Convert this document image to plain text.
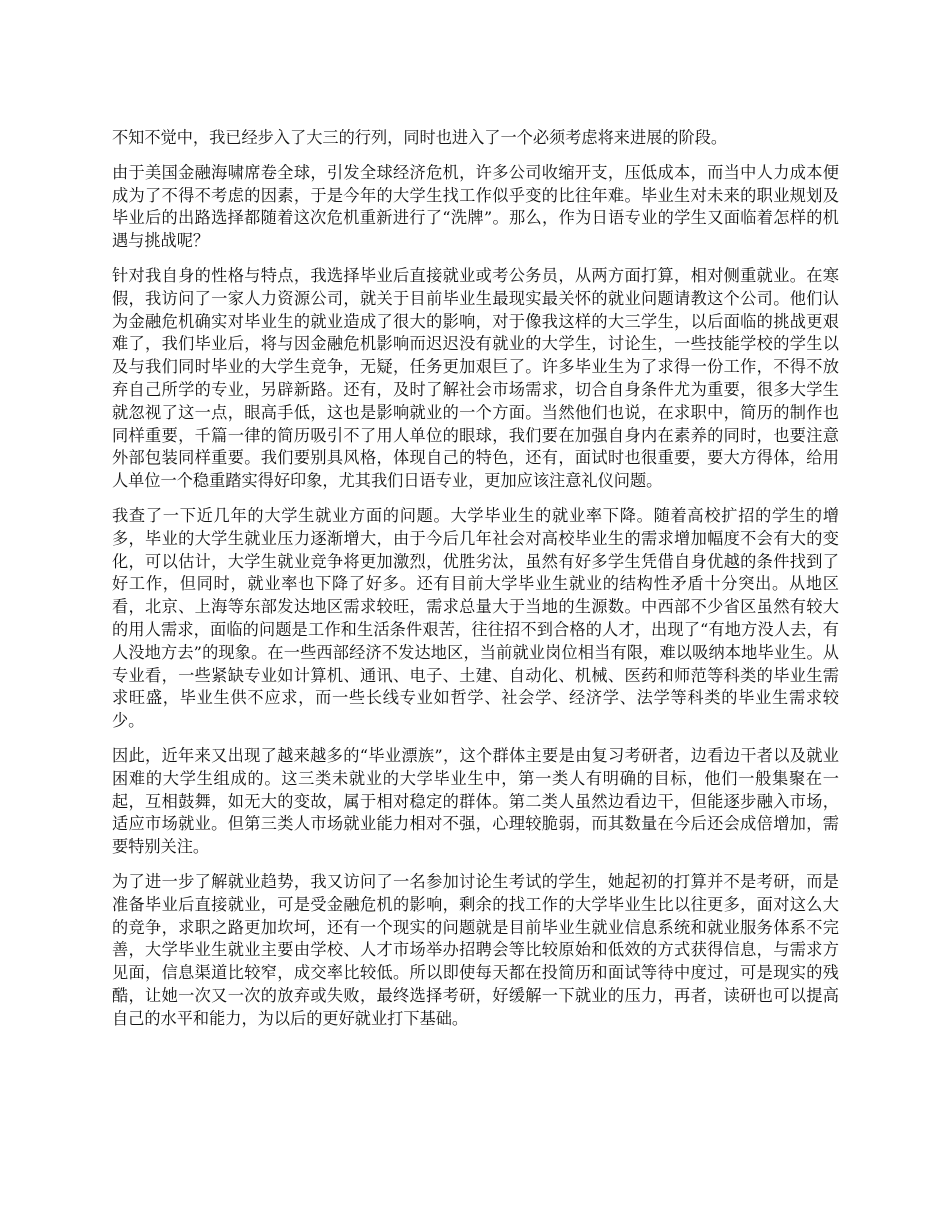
不知不觉中，我已经步入了大三的行列，同时也进入了一个必须考虑将来进展的阶段。

由于美国金融海啸席卷全球，引发全球经济危机，许多公司收缩开支，压低成本，而当中人力成本便成为了不得不考虑的因素，于是今年的大学生找工作似乎变的比往年难。毕业生对未来的职业规划及毕业后的出路选择都随着这次危机重新进行了“洗牌”。那么，作为日语专业的学生又面临着怎样的机遇与挑战呢？

针对我自身的性格与特点，我选择毕业后直接就业或考公务员，从两方面打算，相对侧重就业。在寒假，我访问了一家人力资源公司，就关于目前毕业生最现实最关怀的就业问题请教这个公司。他们认为金融危机确实对毕业生的就业造成了很大的影响，对于像我这样的大三学生，以后面临的挑战更艰难了，我们毕业后，将与因金融危机影响而迟迟没有就业的大学生，讨论生，一些技能学校的学生以及与我们同时毕业的大学生竞争，无疑，任务更加艰巨了。许多毕业生为了求得一份工作，不得不放弃自己所学的专业，另辟新路。还有，及时了解社会市场需求，切合自身条件尤为重要，很多大学生就忽视了这一点，眼高手低，这也是影响就业的一个方面。当然他们也说，在求职中，简历的制作也同样重要，千篇一律的简历吸引不了用人单位的眼球，我们要在加强自身内在素养的同时，也要注意外部包装同样重要。我们要别具风格，体现自己的特色，还有，面试时也很重要，要大方得体，给用人单位一个稳重踏实得好印象，尤其我们日语专业，更加应该注意礼仪问题。

我查了一下近几年的大学生就业方面的问题。大学毕业生的就业率下降。随着高校扩招的学生的增多，毕业的大学生就业压力逐渐增大，由于今后几年社会对高校毕业生的需求增加幅度不会有大的变化，可以估计，大学生就业竞争将更加激烈，优胜劣汰，虽然有好多学生凭借自身优越的条件找到了好工作，但同时，就业率也下降了好多。还有目前大学毕业生就业的结构性矛盾十分突出。从地区看，北京、上海等东部发达地区需求较旺，需求总量大于当地的生源数。中西部不少省区虽然有较大的用人需求，面临的问题是工作和生活条件艰苦，往往招不到合格的人才，出现了“有地方没人去，有人没地方去”的现象。在一些西部经济不发达地区，当前就业岗位相当有限，难以吸纳本地毕业生。从专业看，一些紧缺专业如计算机、通讯、电子、土建、自动化、机械、医药和师范等科类的毕业生需求旺盛，毕业生供不应求，而一些长线专业如哲学、社会学、经济学、法学等科类的毕业生需求较少。

因此，近年来又出现了越来越多的“毕业漂族”，这个群体主要是由复习考研者，边看边干者以及就业困难的大学生组成的。这三类未就业的大学毕业生中，第一类人有明确的目标，他们一般集聚在一起，互相鼓舞，如无大的变故，属于相对稳定的群体。第二类人虽然边看边干，但能逐步融入市场，适应市场就业。但第三类人市场就业能力相对不强，心理较脆弱，而其数量在今后还会成倍增加，需要特别关注。

为了进一步了解就业趋势，我又访问了一名参加讨论生考试的学生，她起初的打算并不是考研，而是准备毕业后直接就业，可是受金融危机的影响，剩余的找工作的大学毕业生比以往更多，面对这么大的竞争，求职之路更加坎坷，还有一个现实的问题就是目前毕业生就业信息系统和就业服务体系不完善，大学毕业生就业主要由学校、人才市场举办招聘会等比较原始和低效的方式获得信息，与需求方见面，信息渠道比较窄，成交率比较低。所以即使每天都在投简历和面试等待中度过，可是现实的残酷，让她一次又一次的放弃或失败，最终选择考研，好缓解一下就业的压力，再者，读研也可以提高自己的水平和能力，为以后的更好就业打下基础。
